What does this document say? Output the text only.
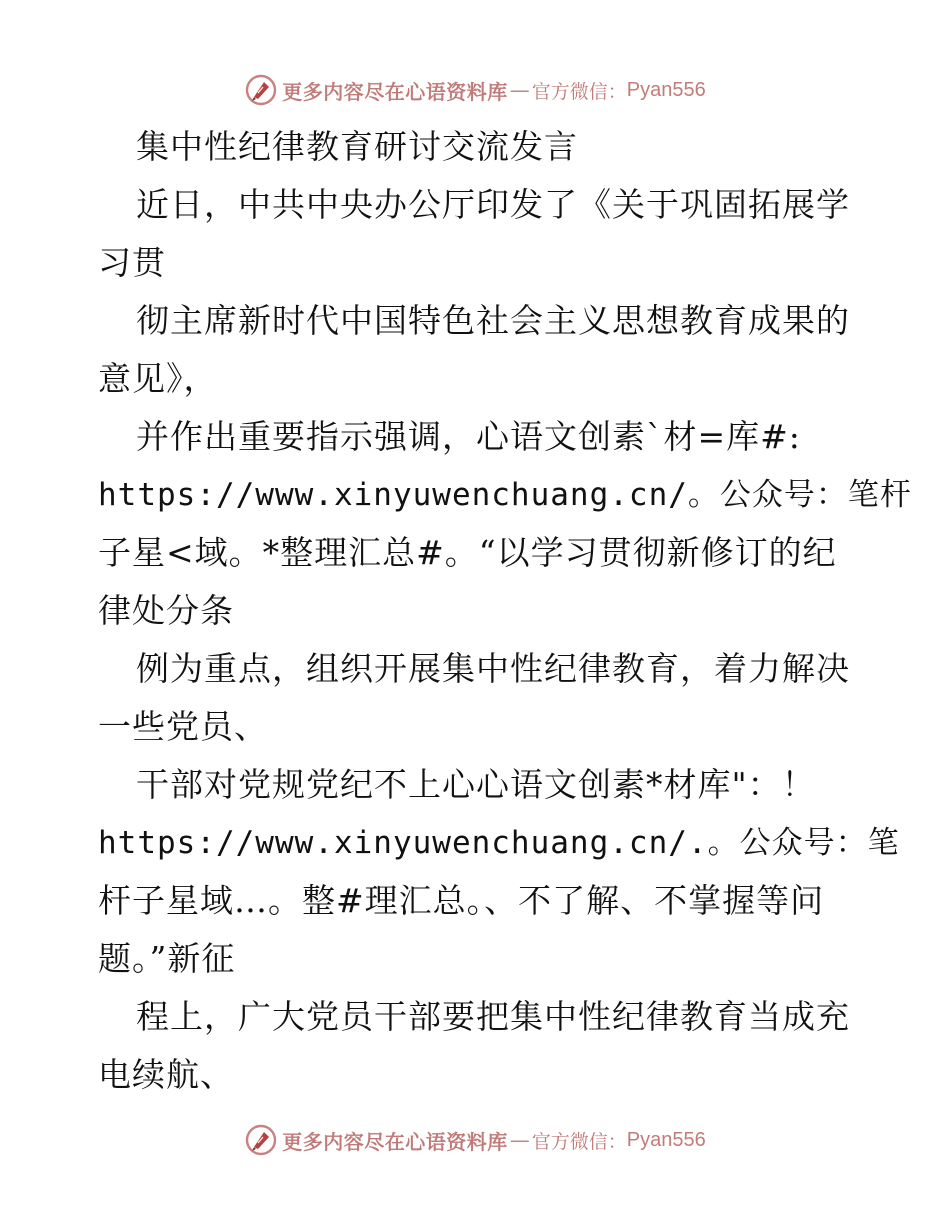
更多内容尽在心语资料库 — 官方微信： Pyan556
集中性纪律教育研讨交流发言
近日，中共中央办公厅印发了《关于巩固拓展学
习贯
彻主席新时代中国特色社会主义思想教育成果的
意见》，
并作出重要指示强调，心语文创素`材=库#:
https://www.xinyuwenchuang.cn/。公众号：笔杆
子星<域。*整理汇总#。“以学习贯彻新修订的纪
律处分条
例为重点，组织开展集中性纪律教育，着力解决
一些党员、
干部对党规党纪不上心心语文创素*材库"：！
https://www.xinyuwenchuang.cn/.。公众号：笔
杆子星域…。整#理汇总。、不了解、不掌握等问
题。”新征
程上，广大党员干部要把集中性纪律教育当成充
电续航、
更多内容尽在心语资料库 — 官方微信： Pyan556
